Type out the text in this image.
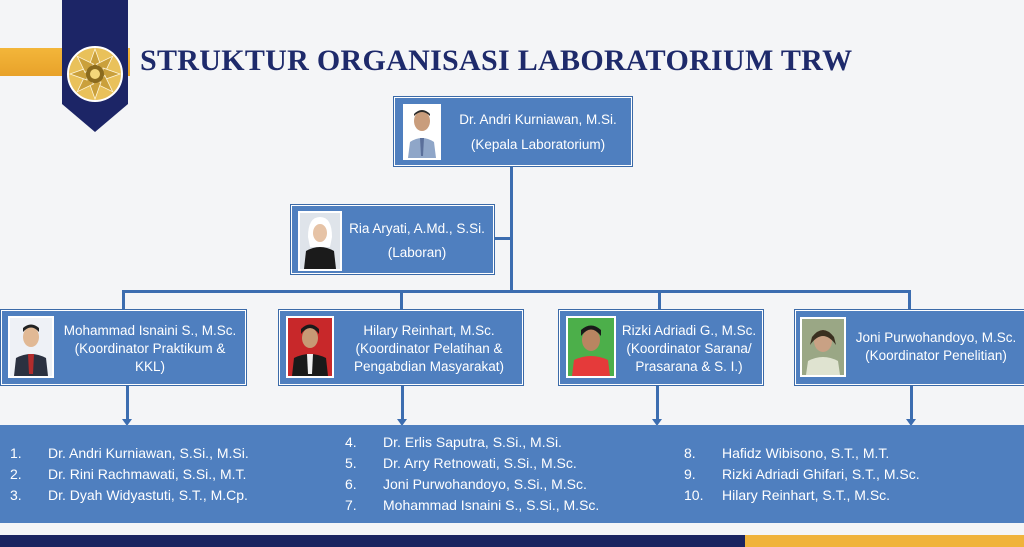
STRUKTUR ORGANISASI LABORATORIUM TRW
Dr. Andri Kurniawan, M.Si.
(Kepala Laboratorium)
Ria Aryati, A.Md., S.Si.
(Laboran)
Mohammad Isnaini S., M.Sc.
(Koordinator Praktikum &
KKL)
Hilary Reinhart, M.Sc.
(Koordinator Pelatihan &
Pengabdian Masyarakat)
Rizki Adriadi G., M.Sc.
(Koordinator Sarana/
Prasarana & S. I.)
Joni Purwohandoyo, M.Sc.
(Koordinator Penelitian)
1.	Dr. Andri Kurniawan, S.Si., M.Si.
2.	Dr. Rini Rachmawati, S.Si., M.T.
3.	Dr. Dyah Widyastuti, S.T., M.Cp.
4.	Dr. Erlis Saputra, S.Si., M.Si.
5.	Dr. Arry Retnowati, S.Si., M.Sc.
6.	Joni Purwohandoyo, S.Si., M.Sc.
7.	Mohammad Isnaini S., S.Si., M.Sc.
8.	Hafidz Wibisono, S.T., M.T.
9.	Rizki Adriadi Ghifari, S.T., M.Sc.
10.	Hilary Reinhart, S.T., M.Sc.
